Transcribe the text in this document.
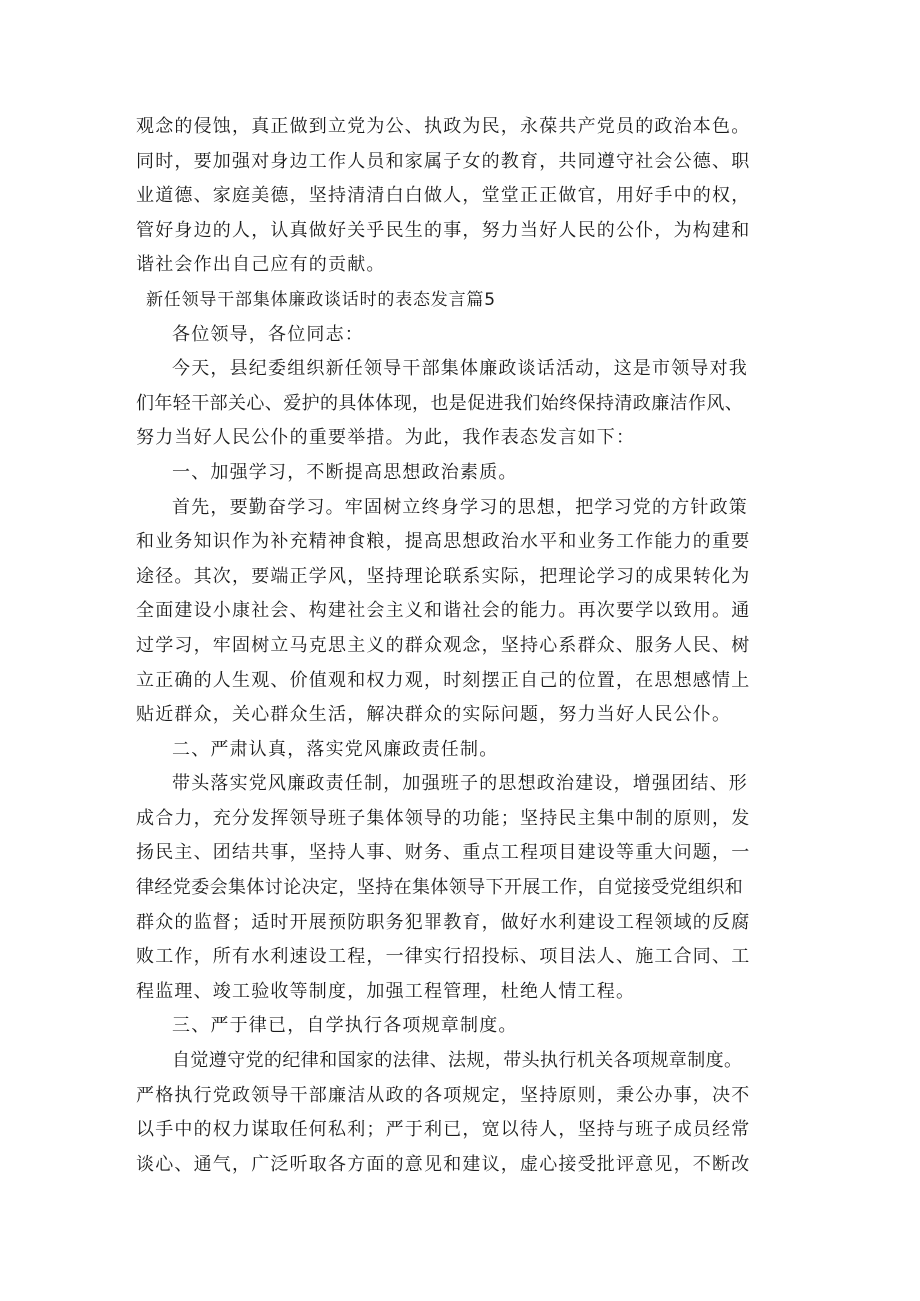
观念的侵蚀，真正做到立党为公、执政为民，永葆共产党员的政治本色。
同时，要加强对身边工作人员和家属子女的教育，共同遵守社会公德、职
业道德、家庭美德，坚持清清白白做人，堂堂正正做官，用好手中的权，
管好身边的人，认真做好关乎民生的事，努力当好人民的公仆，为构建和
谐社会作出自己应有的贡献。
新任领导干部集体廉政谈话时的表态发言篇5
各位领导，各位同志：
今天，县纪委组织新任领导干部集体廉政谈话活动，这是市领导对我
们年轻干部关心、爱护的具体体现，也是促进我们始终保持清政廉洁作风、
努力当好人民公仆的重要举措。为此，我作表态发言如下：
一、加强学习，不断提高思想政治素质。
首先，要勤奋学习。牢固树立终身学习的思想，把学习党的方针政策
和业务知识作为补充精神食粮，提高思想政治水平和业务工作能力的重要
途径。其次，要端正学风，坚持理论联系实际，把理论学习的成果转化为
全面建设小康社会、构建社会主义和谐社会的能力。再次要学以致用。通
过学习，牢固树立马克思主义的群众观念，坚持心系群众、服务人民、树
立正确的人生观、价值观和权力观，时刻摆正自己的位置，在思想感情上
贴近群众，关心群众生活，解决群众的实际问题，努力当好人民公仆。
二、严肃认真，落实党风廉政责任制。
带头落实党风廉政责任制，加强班子的思想政治建设，增强团结、形
成合力，充分发挥领导班子集体领导的功能；坚持民主集中制的原则，发
扬民主、团结共事，坚持人事、财务、重点工程项目建设等重大问题，一
律经党委会集体讨论决定，坚持在集体领导下开展工作，自觉接受党组织和
群众的监督；适时开展预防职务犯罪教育，做好水利建设工程领域的反腐
败工作，所有水利速设工程，一律实行招投标、项目法人、施工合同、工
程监理、竣工验收等制度，加强工程管理，杜绝人情工程。
三、严于律已，自学执行各项规章制度。
自觉遵守党的纪律和国家的法律、法规，带头执行机关各项规章制度。
严格执行党政领导干部廉洁从政的各项规定，坚持原则，秉公办事，决不
以手中的权力谋取任何私利；严于利已，宽以待人，坚持与班子成员经常
谈心、通气，广泛听取各方面的意见和建议，虚心接受批评意见，不断改
